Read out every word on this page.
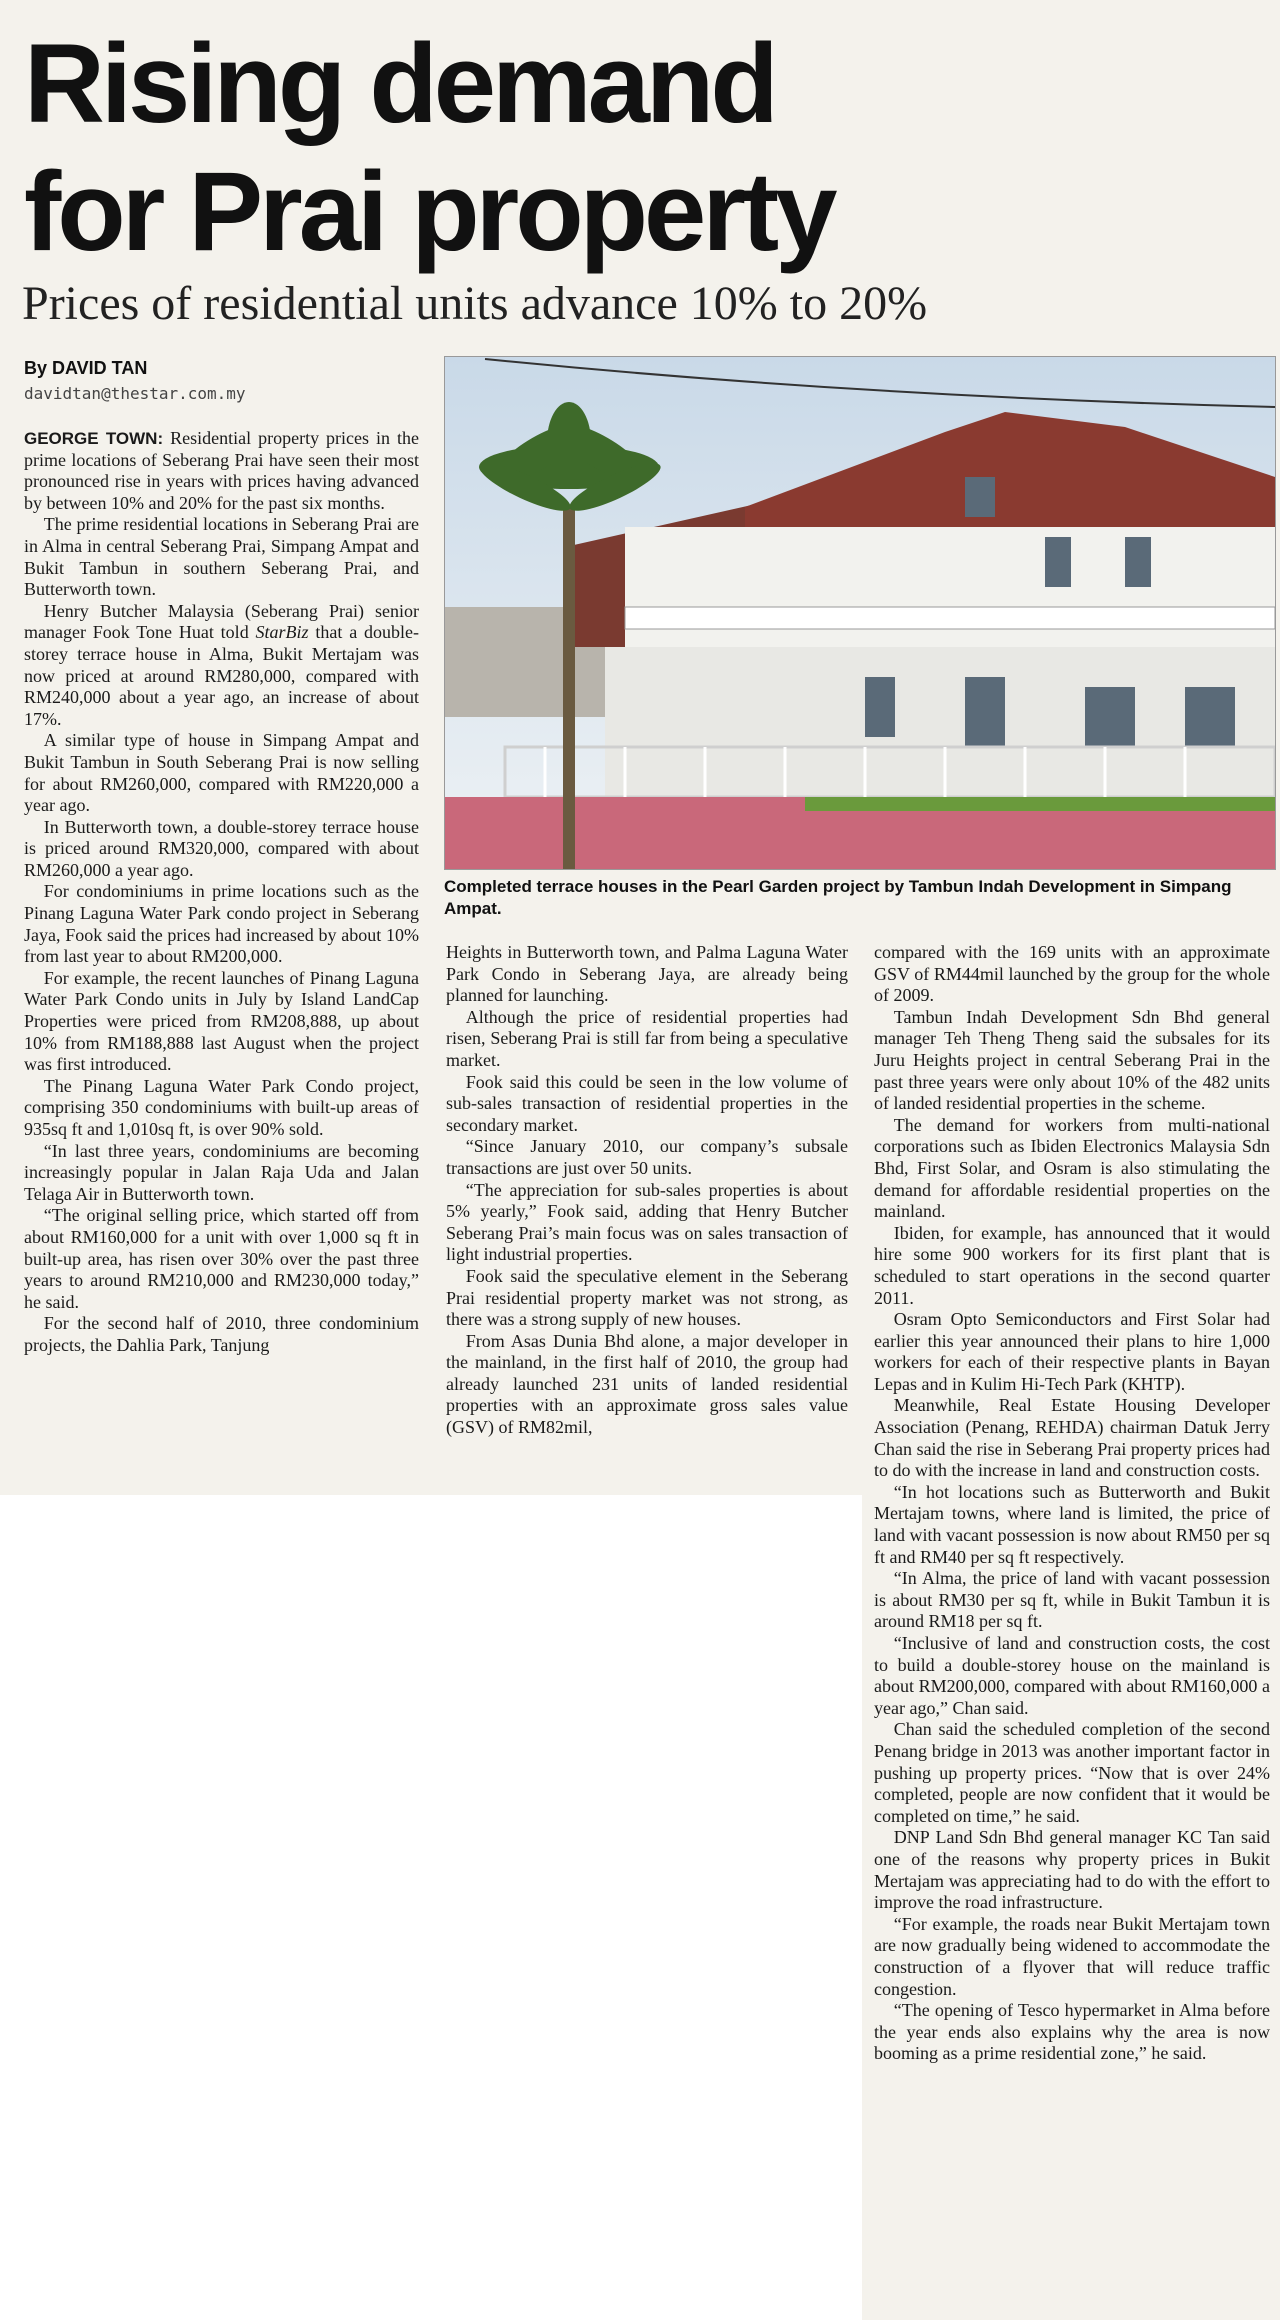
Rising demand
for Prai property
Prices of residential units advance 10% to 20%
By DAVID TAN
davidtan@thestar.com.my

GEORGE TOWN: Residential property prices in the prime locations of Seberang Prai have seen their most pronounced rise in years with prices having advanced by between 10% and 20% for the past six months.

The prime residential locations in Seberang Prai are in Alma in central Seberang Prai, Simpang Ampat and Bukit Tambun in southern Seberang Prai, and Butterworth town.

Henry Butcher Malaysia (Seberang Prai) senior manager Fook Tone Huat told StarBiz that a double-storey terrace house in Alma, Bukit Mertajam was now priced at around RM280,000, compared with RM240,000 about a year ago, an increase of about 17%.

A similar type of house in Simpang Ampat and Bukit Tambun in South Seberang Prai is now selling for about RM260,000, compared with RM220,000 a year ago.

In Butterworth town, a double-storey terrace house is priced around RM320,000, compared with about RM260,000 a year ago.

For condominiums in prime locations such as the Pinang Laguna Water Park condo project in Seberang Jaya, Fook said the prices had increased by about 10% from last year to about RM200,000.

For example, the recent launches of Pinang Laguna Water Park Condo units in July by Island LandCap Properties were priced from RM208,888, up about 10% from RM188,888 last August when the project was first introduced.

The Pinang Laguna Water Park Condo project, comprising 350 condominiums with built-up areas of 935sq ft and 1,010sq ft, is over 90% sold.

“In last three years, condominiums are becoming increasingly popular in Jalan Raja Uda and Jalan Telaga Air in Butterworth town.

“The original selling price, which started off from about RM160,000 for a unit with over 1,000 sq ft in built-up area, has risen over 30% over the past three years to around RM210,000 and RM230,000 today,” he said.

For the second half of 2010, three condominium projects, the Dahlia Park, Tanjung

Completed terrace houses in the Pearl Garden project by Tambun Indah Development in Simpang Ampat.

Heights in Butterworth town, and Palma Laguna Water Park Condo in Seberang Jaya, are already being planned for launching.

Although the price of residential properties had risen, Seberang Prai is still far from being a speculative market.

Fook said this could be seen in the low volume of sub-sales transaction of residential properties in the secondary market.

“Since January 2010, our company’s subsale transactions are just over 50 units.

“The appreciation for sub-sales properties is about 5% yearly,” Fook said, adding that Henry Butcher Seberang Prai’s main focus was on sales transaction of light industrial properties.

Fook said the speculative element in the Seberang Prai residential property market was not strong, as there was a strong supply of new houses.

From Asas Dunia Bhd alone, a major developer in the mainland, in the first half of 2010, the group had already launched 231 units of landed residential properties with an approximate gross sales value (GSV) of RM82mil,

compared with the 169 units with an approximate GSV of RM44mil launched by the group for the whole of 2009.

Tambun Indah Development Sdn Bhd general manager Teh Theng Theng said the subsales for its Juru Heights project in central Seberang Prai in the past three years were only about 10% of the 482 units of landed residential properties in the scheme.

The demand for workers from multi-national corporations such as Ibiden Electronics Malaysia Sdn Bhd, First Solar, and Osram is also stimulating the demand for affordable residential properties on the mainland.

Ibiden, for example, has announced that it would hire some 900 workers for its first plant that is scheduled to start operations in the second quarter 2011.

Osram Opto Semiconductors and First Solar had earlier this year announced their plans to hire 1,000 workers for each of their respective plants in Bayan Lepas and in Kulim Hi-Tech Park (KHTP).

Meanwhile, Real Estate Housing Developer Association (Penang, REHDA) chairman Datuk Jerry Chan said the rise in Seberang Prai property prices had to do with the increase in land and construction costs.

“In hot locations such as Butterworth and Bukit Mertajam towns, where land is limited, the price of land with vacant possession is now about RM50 per sq ft and RM40 per sq ft respectively.

“In Alma, the price of land with vacant possession is about RM30 per sq ft, while in Bukit Tambun it is around RM18 per sq ft.

“Inclusive of land and construction costs, the cost to build a double-storey house on the mainland is about RM200,000, compared with about RM160,000 a year ago,” Chan said.

Chan said the scheduled completion of the second Penang bridge in 2013 was another important factor in pushing up property prices. “Now that is over 24% completed, people are now confident that it would be completed on time,” he said.

DNP Land Sdn Bhd general manager KC Tan said one of the reasons why property prices in Bukit Mertajam was appreciating had to do with the effort to improve the road infrastructure.

“For example, the roads near Bukit Mertajam town are now gradually being widened to accommodate the construction of a flyover that will reduce traffic congestion.

“The opening of Tesco hypermarket in Alma before the year ends also explains why the area is now booming as a prime residential zone,” he said.
